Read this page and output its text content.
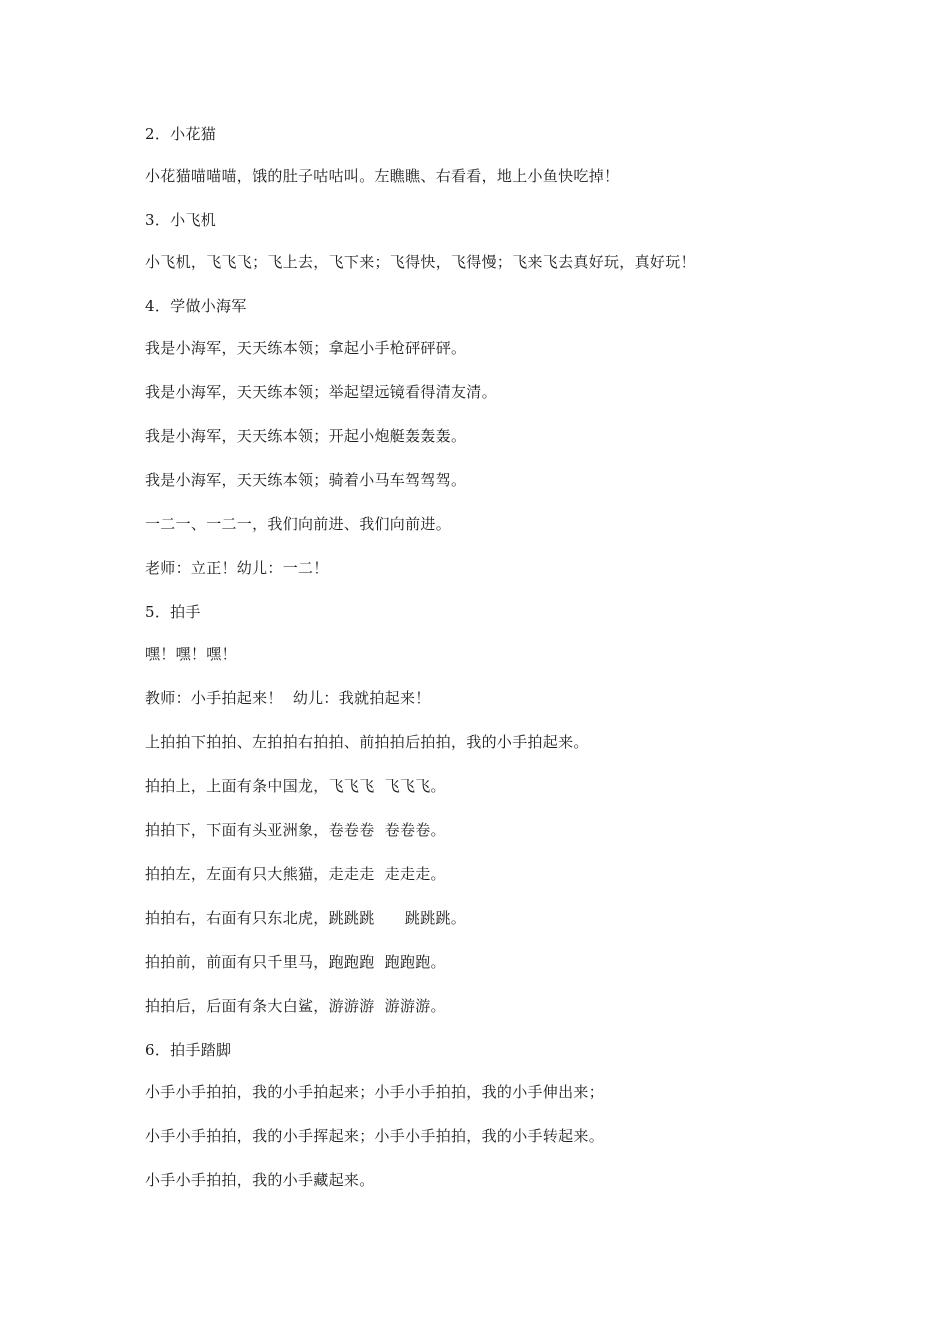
2．小花猫
小花猫喵喵喵，饿的肚子咕咕叫。左瞧瞧、右看看，地上小鱼快吃掉！
3．小飞机
小飞机，飞飞飞；飞上去，飞下来；飞得快，飞得慢；飞来飞去真好玩，真好玩！
4．学做小海军
我是小海军，天天练本领；拿起小手枪砰砰砰。
我是小海军，天天练本领；举起望远镜看得清友清。
我是小海军，天天练本领；开起小炮艇轰轰轰。
我是小海军，天天练本领；骑着小马车驾驾驾。
一二一、一二一，我们向前进、我们向前进。
老师：立正！幼儿：一二！
5．拍手
嘿！嘿！嘿！
教师：小手拍起来！  幼儿：我就拍起来！
上拍拍下拍拍、左拍拍右拍拍、前拍拍后拍拍，我的小手拍起来。
拍拍上，上面有条中国龙，飞飞飞  飞飞飞。
拍拍下，下面有头亚洲象，卷卷卷  卷卷卷。
拍拍左，左面有只大熊猫，走走走  走走走。
拍拍右，右面有只东北虎，跳跳跳      跳跳跳。
拍拍前，前面有只千里马，跑跑跑  跑跑跑。
拍拍后，后面有条大白鲨，游游游  游游游。
6．拍手踏脚
小手小手拍拍，我的小手拍起来；小手小手拍拍，我的小手伸出来；
小手小手拍拍，我的小手挥起来；小手小手拍拍，我的小手转起来。
小手小手拍拍，我的小手藏起来。
